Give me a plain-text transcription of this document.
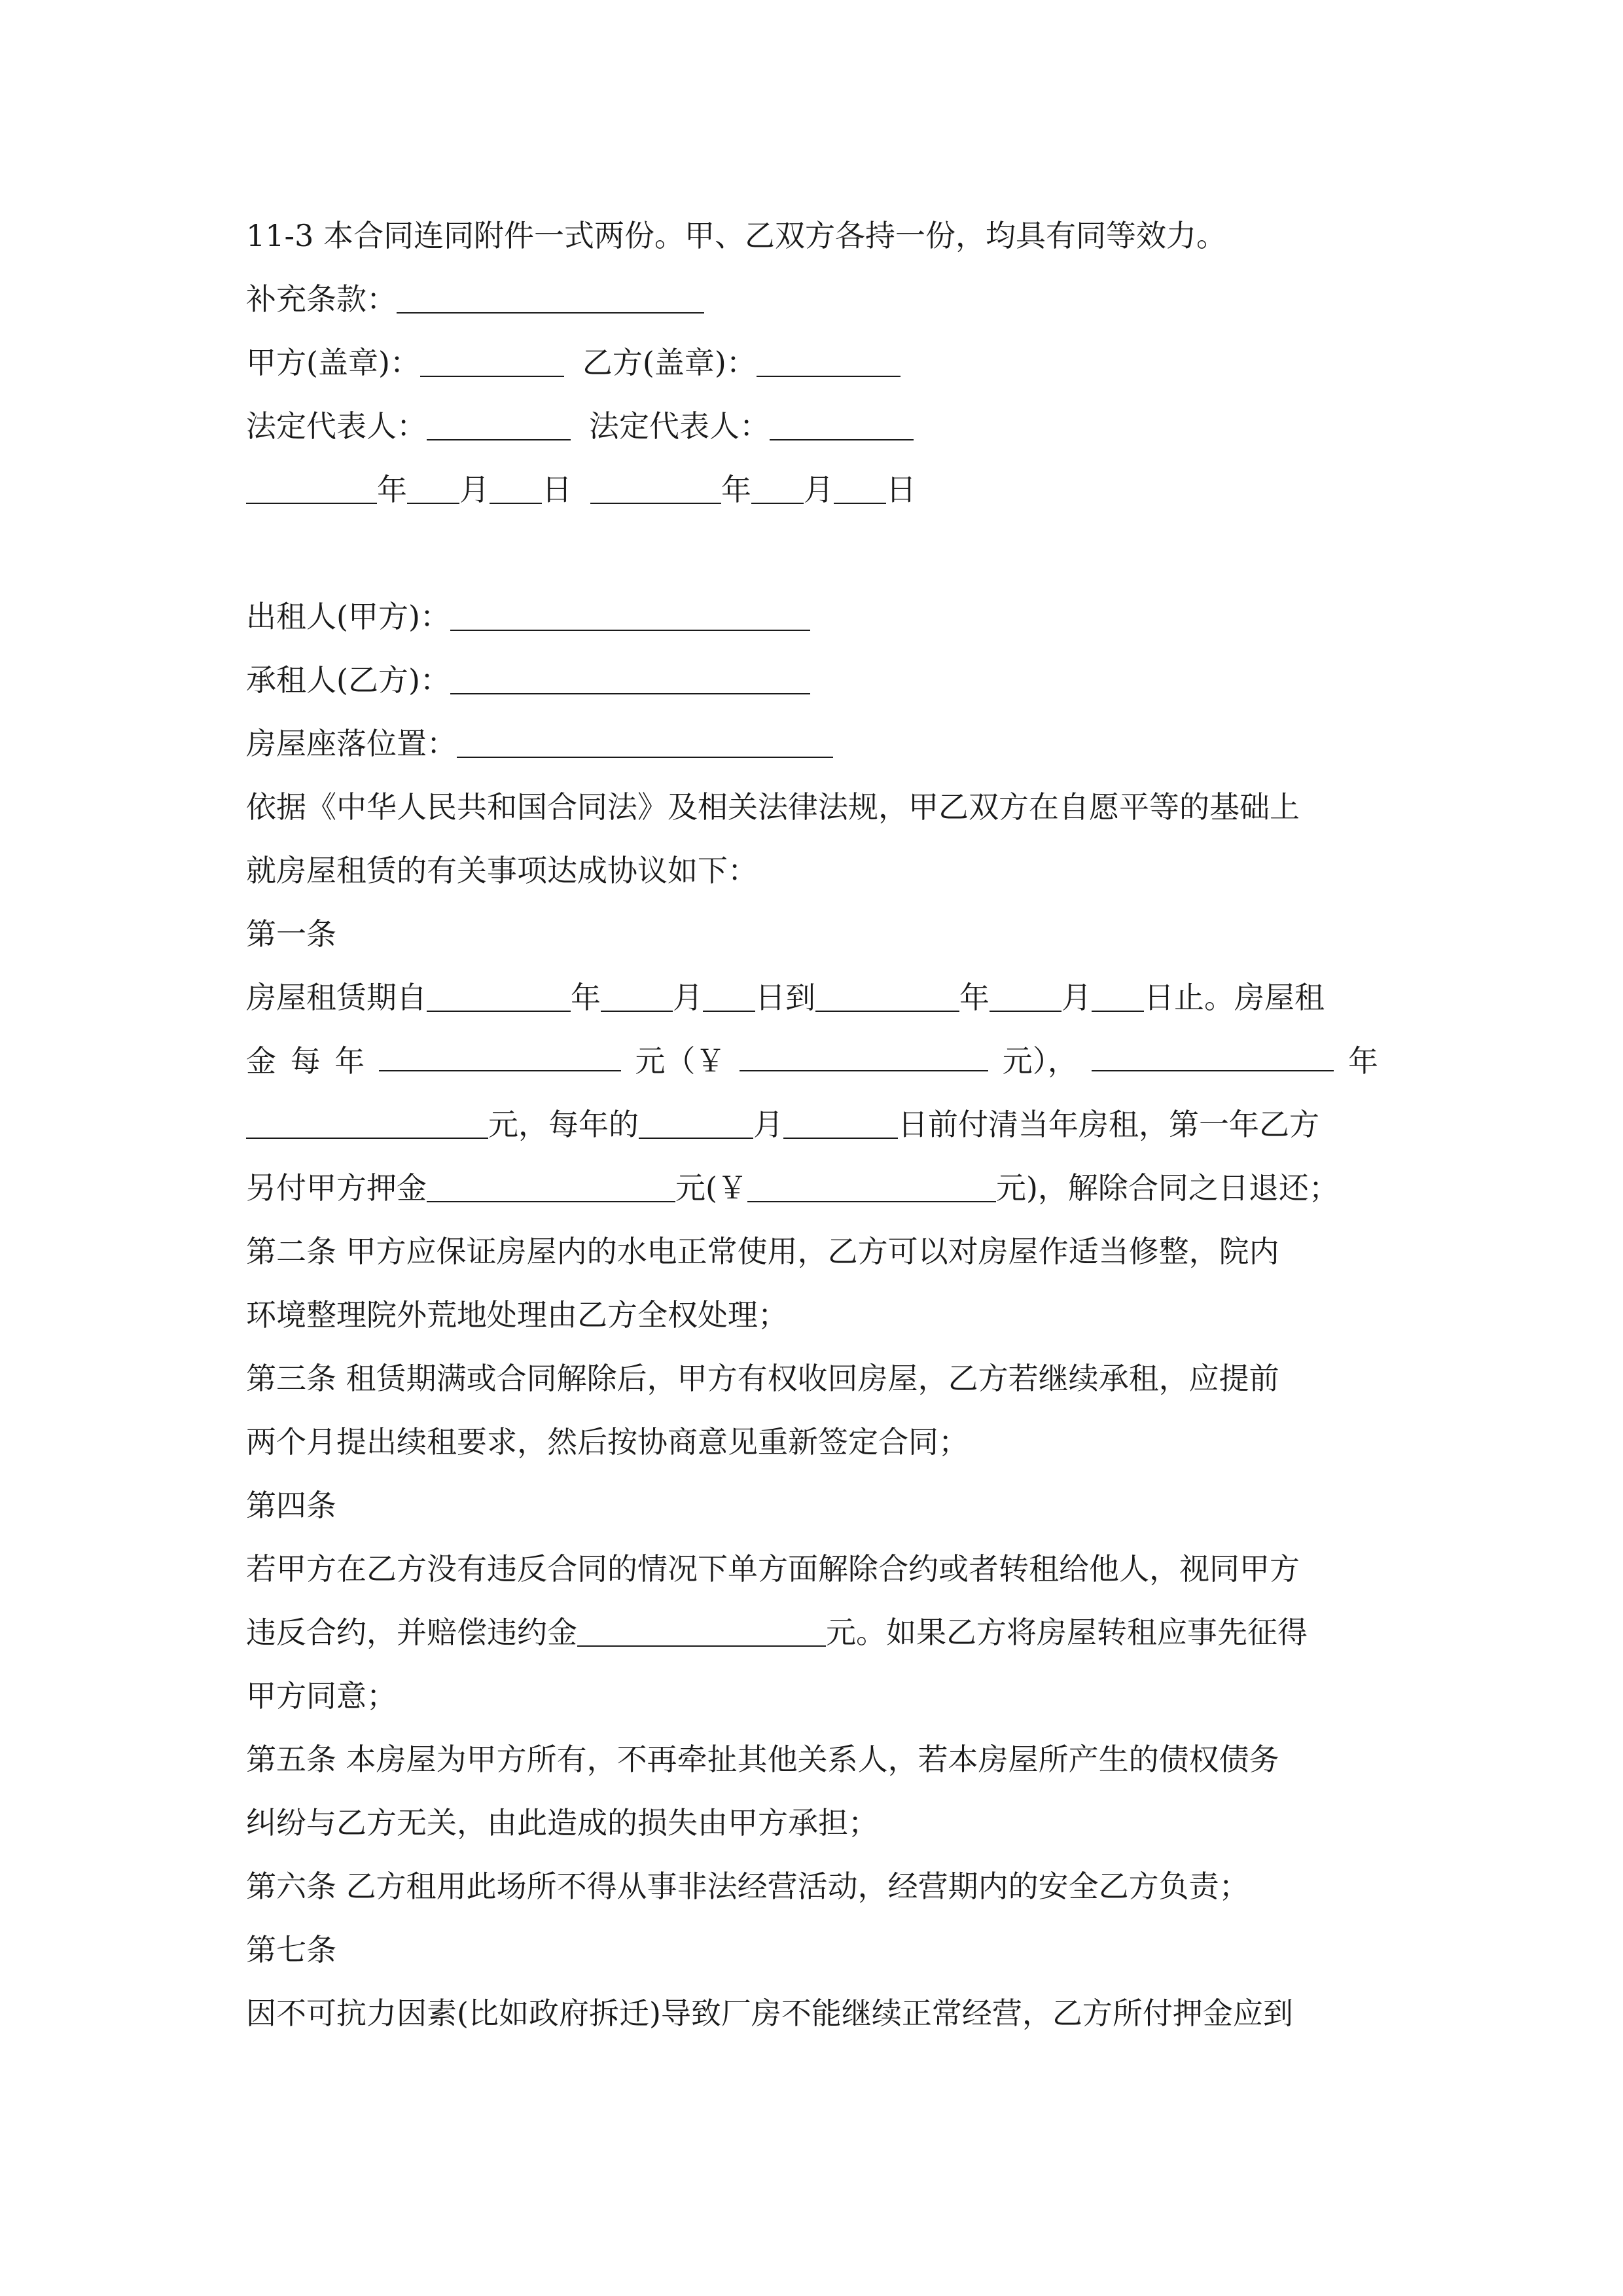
11-3 本合同连同附件一式两份。甲、乙双方各持一份，均具有同等效力。
补充条款：
甲方(盖章)：	乙方(盖章)：
法定代表人：	法定代表人：
年 月 日	年 月 日
出租人(甲方)：
承租人(乙方)：
房屋座落位置：
依据《中华人民共和国合同法》及相关法律法规，甲乙双方在自愿平等的基础上
就房屋租赁的有关事项达成协议如下：
第一条
房屋租赁期自	年 月 日到	年 月 日止。房屋租
金 每 年	元（￥	元），	年
元，每年的	月	日前付清当年房租，第一年乙方
另付甲方押金	元(￥	元)，解除合同之日退还；
第二条 甲方应保证房屋内的水电正常使用，乙方可以对房屋作适当修整，院内
环境整理院外荒地处理由乙方全权处理；
第三条 租赁期满或合同解除后，甲方有权收回房屋，乙方若继续承租，应提前
两个月提出续租要求，然后按协商意见重新签定合同；
第四条
若甲方在乙方没有违反合同的情况下单方面解除合约或者转租给他人，视同甲方
违反合约，并赔偿违约金	元。如果乙方将房屋转租应事先征得
甲方同意；
第五条 本房屋为甲方所有，不再牵扯其他关系人，若本房屋所产生的债权债务
纠纷与乙方无关，由此造成的损失由甲方承担；
第六条 乙方租用此场所不得从事非法经营活动，经营期内的安全乙方负责；
第七条
因不可抗力因素(比如政府拆迁)导致厂房不能继续正常经营，乙方所付押金应到
